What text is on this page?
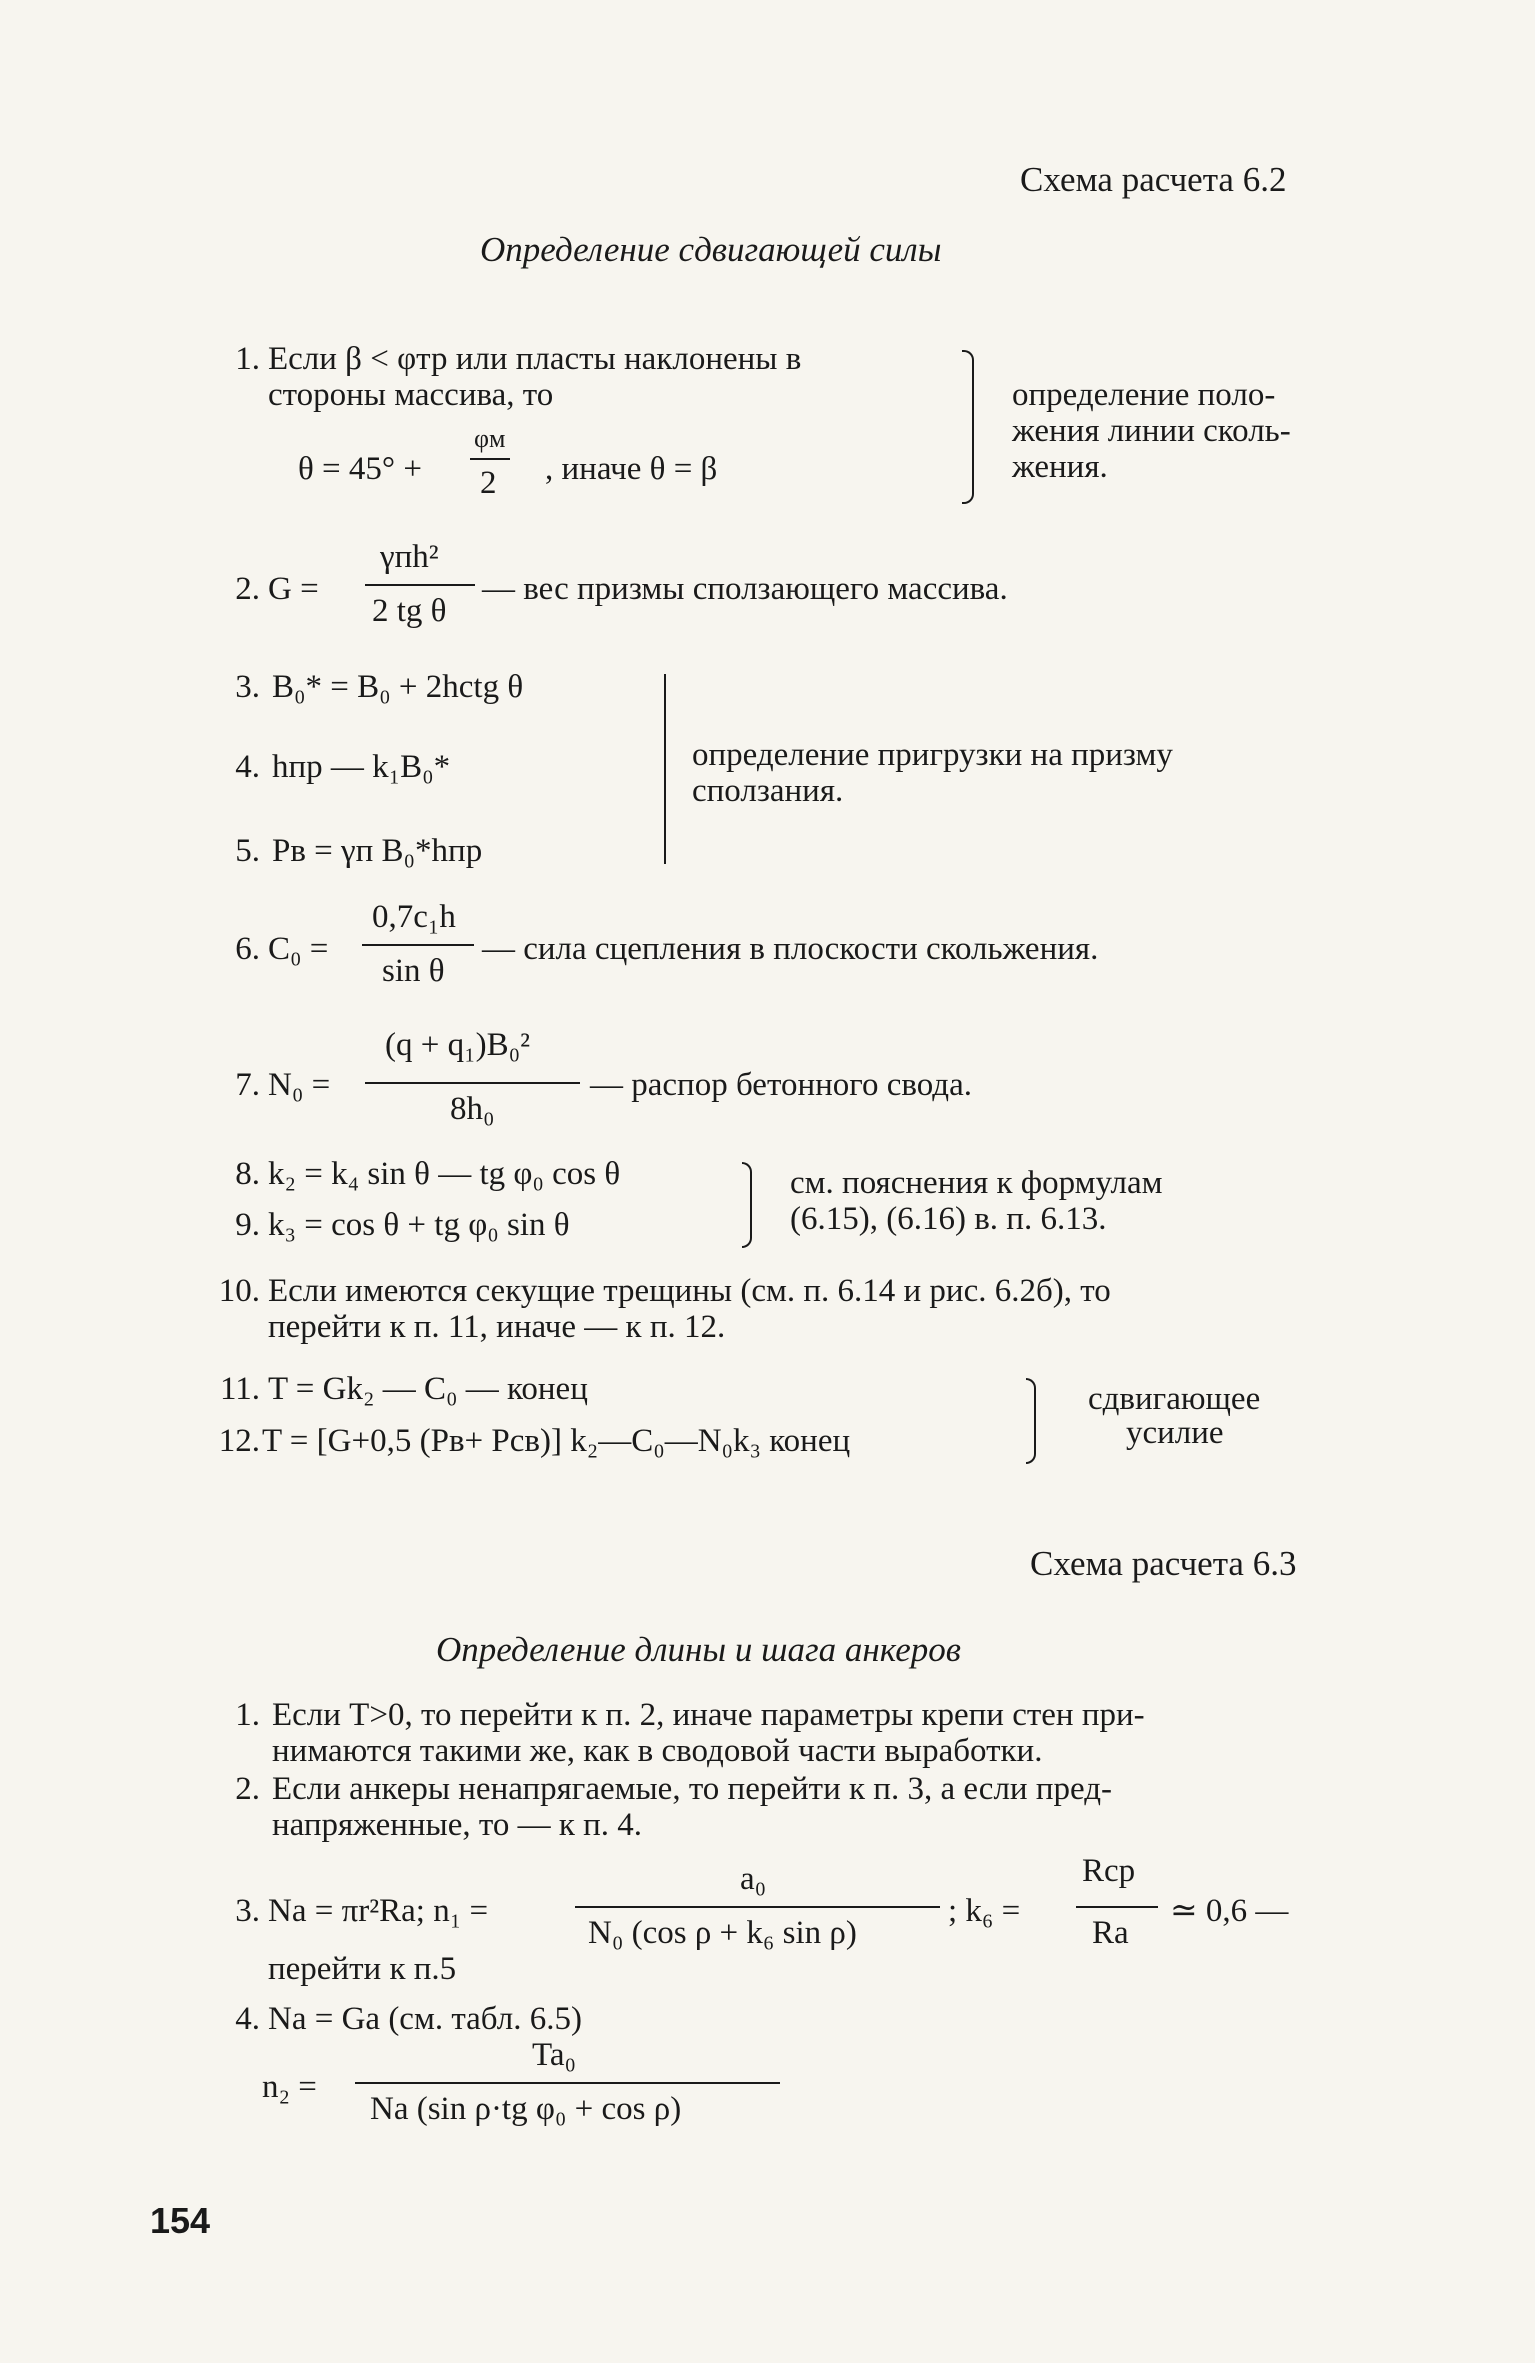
Схема расчета 6.2
Определение сдвигающей силы
1. Если β < φтр или пласты наклонены в
стороны массива, то
θ = 45° +
φм
2 , иначе θ = β
определение поло-
жения линии сколь-
жения.
2. G =
γпh²
2 tg θ
— вес призмы сползающего массива.
3. B₀* = B₀ + 2hctg θ
4. hпр — k₁B₀*
5. Pв = γп B₀*hпр
определение пригрузки на призму
сползания.
6. C₀ =
0,7c₁h
sin θ
— сила сцепления в плоскости скольжения.
7. N₀ =
(q + q₁)B₀²
8h₀
— распор бетонного свода.
8. k₂ = k₄ sin θ — tg φ₀ cos θ
9. k₃ = cos θ + tg φ₀ sin θ
см. пояснения к формулам
(6.15), (6.16) в. п. 6.13.
10. Если имеются секущие трещины (см. п. 6.14 и рис. 6.2б), то
перейти к п. 11, иначе — к п. 12.
11. T = Gk₂ — C₀ — конец
12. T = [G+0,5 (Pв+ Pсв)] k₂—C₀—N₀k₃ конец
сдвигающее
усилие
Схема расчета 6.3
Определение длины и шага анкеров
1. Если T>0, то перейти к п. 2, иначе параметры крепи стен при-
нимаются такими же, как в сводовой части выработки.
2. Если анкеры ненапрягаемые, то перейти к п. 3, а если пред-
напряженные, то — к п. 4.
3. Nа = πr²Rа; n₁ =
a₀
N₀ (cos ρ + k₆ sin ρ)
; k₆ =
Rср
Rа
≃ 0,6 —
перейти к п.5
4. Nа = Gа (см. табл. 6.5)
n₂ =
Ta₀
Nа (sin ρ·tg φ₀ + cos ρ)
154
